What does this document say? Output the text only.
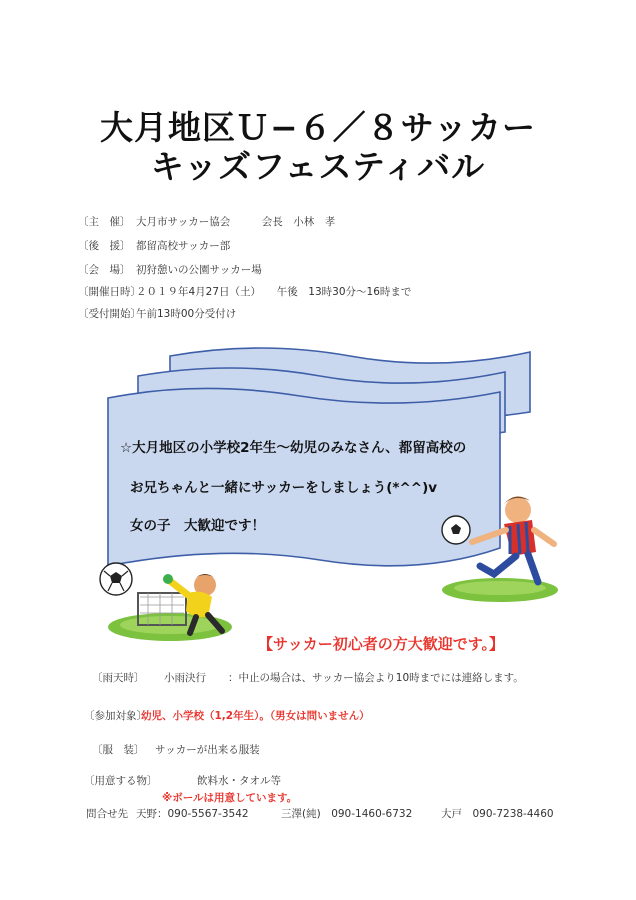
大月地区Ｕ−６／８サッカー
キッズフェスティバル
〔主　催〕 大月市サッカー協会　　　会長　小林　孝
〔後　援〕 都留高校サッカー部
〔会　場〕 初狩憩いの公園サッカー場
〔開催日時〕
２０１９年4月27日（土）　　午後　13時30分〜16時まで
〔受付開始〕
午前13時00分受付け
☆大月地区の小学校2年生〜幼児のみなさん、都留高校の
お兄ちゃんと一緒にサッカーをしましょう(*^^)v
女の子　大歓迎です！
【サッカー初心者の方大歓迎です。】
〔雨天時〕 小雨決行 ：中止の場合は、サッカー協会より10時までには連絡します。
〔参加対象〕
幼児、小学校（1,2年生）。（男女は問いません）
〔服　装〕 サッカーが出来る服装
〔用意する物〕	飲料水・タオル等
※ボールは用意しています。
問合せ先 天野：090-5567-3542	三澤(純)　090-1460-6732	大戸　090-7238-4460
